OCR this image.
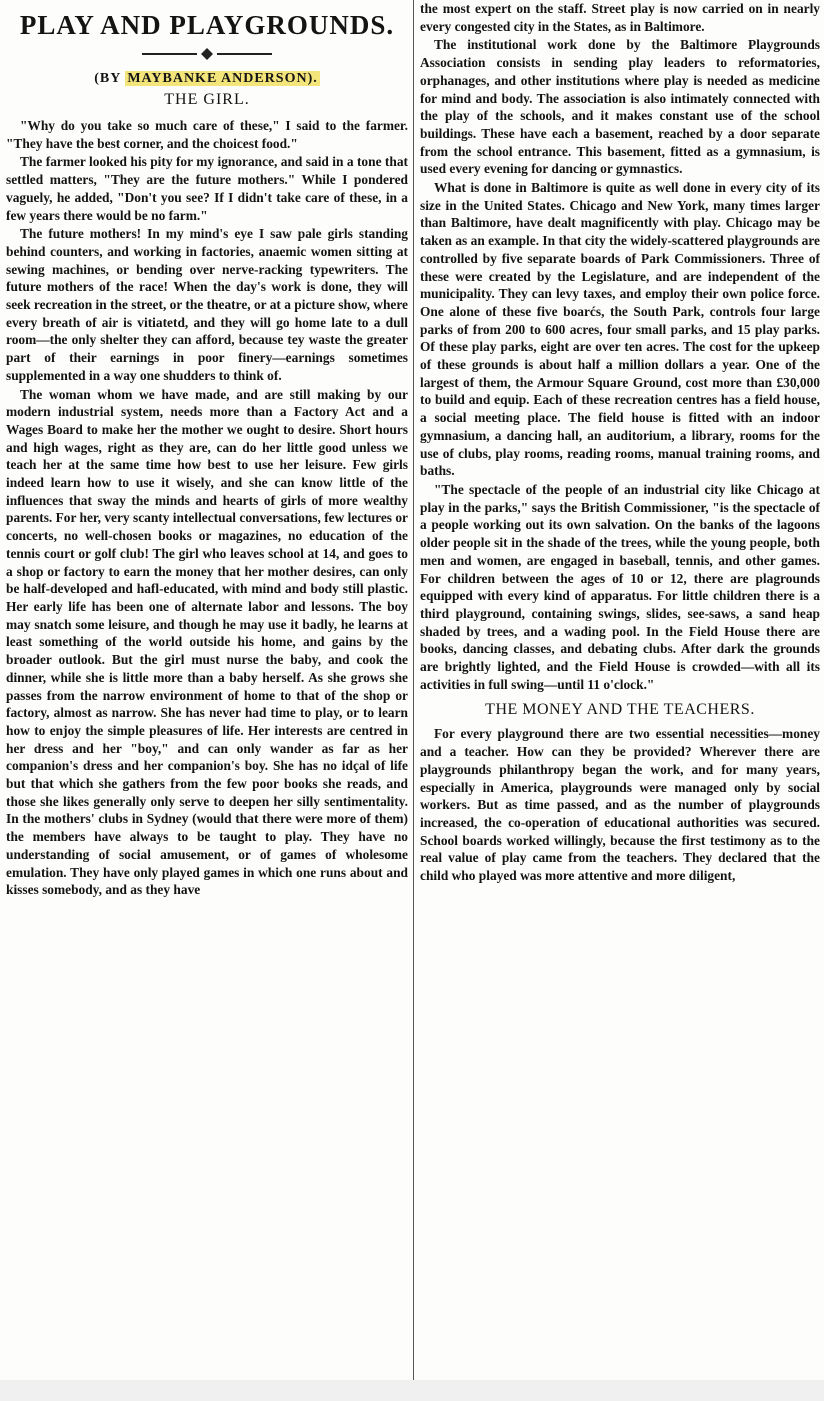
PLAY AND PLAYGROUNDS.
(BY MAYBANKE ANDERSON).
THE GIRL.

"Why do you take so much care of these," I said to the farmer. "They have the best corner, and the choicest food."

The farmer looked his pity for my ignorance, and said in a tone that settled matters, "They are the future mothers." While I pondered vaguely, he added, "Don't you see? If I didn't take care of these, in a few years there would be no farm."

The future mothers! In my mind's eye I saw pale girls standing behind counters, and working in factories, anaemic women sitting at sewing machines, or bending over nerve-racking typewriters. The future mothers of the race! When the day's work is done, they will seek recreation in the street, or the theatre, or at a picture show, where every breath of air is vitiatetd, and they will go home late to a dull room—the only shelter they can afford, because tey waste the greater part of their earnings in poor finery—earnings sometimes supplemented in a way one shudders to think of.

The woman whom we have made, and are still making by our modern industrial system, needs more than a Factory Act and a Wages Board to make her the mother we ought to desire. Short hours and high wages, right as they are, can do her little good unless we teach her at the same time how best to use her leisure. Few girls indeed learn how to use it wisely, and she can know little of the influences that sway the minds and hearts of girls of more wealthy parents. For her, very scanty intellectual conversations, few lectures or concerts, no well-chosen books or magazines, no education of the tennis court or golf club! The girl who leaves school at 14, and goes to a shop or factory to earn the money that her mother desires, can only be half-developed and hafl-educated, with mind and body still plastic. Her early life has been one of alternate labor and lessons. The boy may snatch some leisure, and though he may use it badly, he learns at least something of the world outside his home, and gains by the broader outlook. But the girl must nurse the baby, and cook the dinner, while she is little more than a baby herself. As she grows she passes from the narrow environment of home to that of the shop or factory, almost as narrow. She has never had time to play, or to learn how to enjoy the simple pleasures of life. Her interests are centred in her dress and her "boy," and can only wander as far as her companion's dress and her companion's boy. She has no idçal of life but that which she gathers from the few poor books she reads, and those she likes generally only serve to deepen her silly sentimentality. In the mothers' clubs in Sydney (would that there were more of them) the members have always to be taught to play. They have no understanding of social amusement, or of games of wholesome emulation. They have only played games in which one runs about and kisses somebody, and as they have

the most expert on the staff. Street play is now carried on in nearly every congested city in the States, as in Baltimore.

The institutional work done by the Baltimore Playgrounds Association consists in sending play leaders to reformatories, orphanages, and other institutions where play is needed as medicine for mind and body. The association is also intimately connected with the play of the schools, and it makes constant use of the school buildings. These have each a basement, reached by a door separate from the school entrance. This basement, fitted as a gymnasium, is used every evening for dancing or gymnastics.

What is done in Baltimore is quite as well done in every city of its size in the United States. Chicago and New York, many times larger than Baltimore, have dealt magnificently with play. Chicago may be taken as an example. In that city the widely-scattered playgrounds are controlled by five separate boards of Park Commissioners. Three of these were created by the Legislature, and are independent of the municipality. They can levy taxes, and employ their own police force. One alone of these five boarćs, the South Park, controls four large parks of from 200 to 600 acres, four small parks, and 15 play parks. Of these play parks, eight are over ten acres. The cost for the upkeep of these grounds is about half a million dollars a year. One of the largest of them, the Armour Square Ground, cost more than £30,000 to build and equip. Each of these recreation centres has a field house, a social meeting place. The field house is fitted with an indoor gymnasium, a dancing hall, an auditorium, a library, rooms for the use of clubs, play rooms, reading rooms, manual training rooms, and baths.

"The spectacle of the people of an industrial city like Chicago at play in the parks," says the British Commissioner, "is the spectacle of a people working out its own salvation. On the banks of the lagoons older people sit in the shade of the trees, while the young people, both men and women, are engaged in baseball, tennis, and other games. For children between the ages of 10 or 12, there are plagrounds equipped with every kind of apparatus. For little children there is a third playground, containing swings, slides, see-saws, a sand heap shaded by trees, and a wading pool. In the Field House there are books, dancing classes, and debating clubs. After dark the grounds are brightly lighted, and the Field House is crowded—with all its activities in full swing—until 11 o'clock."

THE MONEY AND THE TEACHERS.

For every playground there are two essential necessities—money and a teacher. How can they be provided? Wherever there are playgrounds philanthropy began the work, and for many years, especially in America, playgrounds were managed only by social workers. But as time passed, and as the number of playgrounds increased, the co-operation of educational authorities was secured. School boards worked willingly, because the first testimony as to the real value of play came from the teachers. They declared that the child who played was more attentive and more diligent,
